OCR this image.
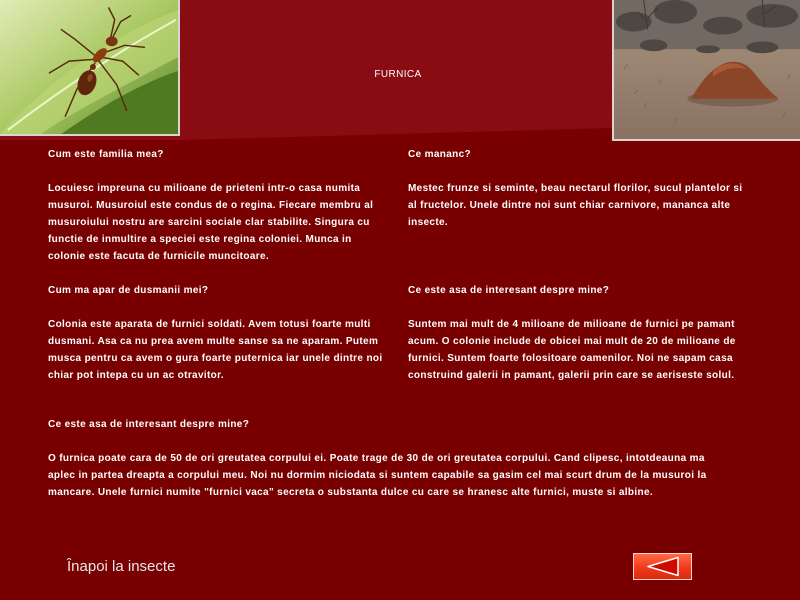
FURNICA
Cum este familia mea?
Locuiesc impreuna cu milioane de prieteni intr-o casa numita
musuroi. Musuroiul este condus de o regina. Fiecare membru al
musuroiului nostru are sarcini sociale clar stabilite. Singura cu
functie de inmultire a speciei este regina coloniei. Munca in
colonie este facuta de furnicile muncitoare.
Ce mananc?
Mestec frunze si seminte, beau nectarul florilor, sucul plantelor si
al fructelor. Unele dintre noi sunt chiar carnivore, mananca alte
insecte.
Cum ma apar de dusmanii mei?
Colonia este aparata de furnici soldati. Avem totusi foarte multi
dusmani. Asa ca nu prea avem multe sanse sa ne aparam. Putem
musca pentru ca avem o gura foarte puternica iar unele dintre noi
chiar pot intepa cu un ac otravitor.
Ce este asa de interesant despre mine?
Suntem mai mult de 4 milioane de milioane de furnici pe pamant
acum. O colonie include de obicei mai mult de 20 de milioane de
furnici. Suntem foarte folositoare oamenilor. Noi ne sapam casa
construind galerii in pamant, galerii prin care se aeriseste solul.
Ce este asa de interesant despre mine?
O furnica poate cara de 50 de ori greutatea corpului ei. Poate trage de 30 de ori greutatea corpului. Cand clipesc, intotdeauna ma
aplec in partea dreapta a corpului meu. Noi nu dormim niciodata si suntem capabile sa gasim cel mai scurt drum de la musuroi la
mancare. Unele furnici numite "furnici vaca" secreta o substanta dulce cu care se hranesc alte furnici, muste si albine.
Înapoi la insecte
